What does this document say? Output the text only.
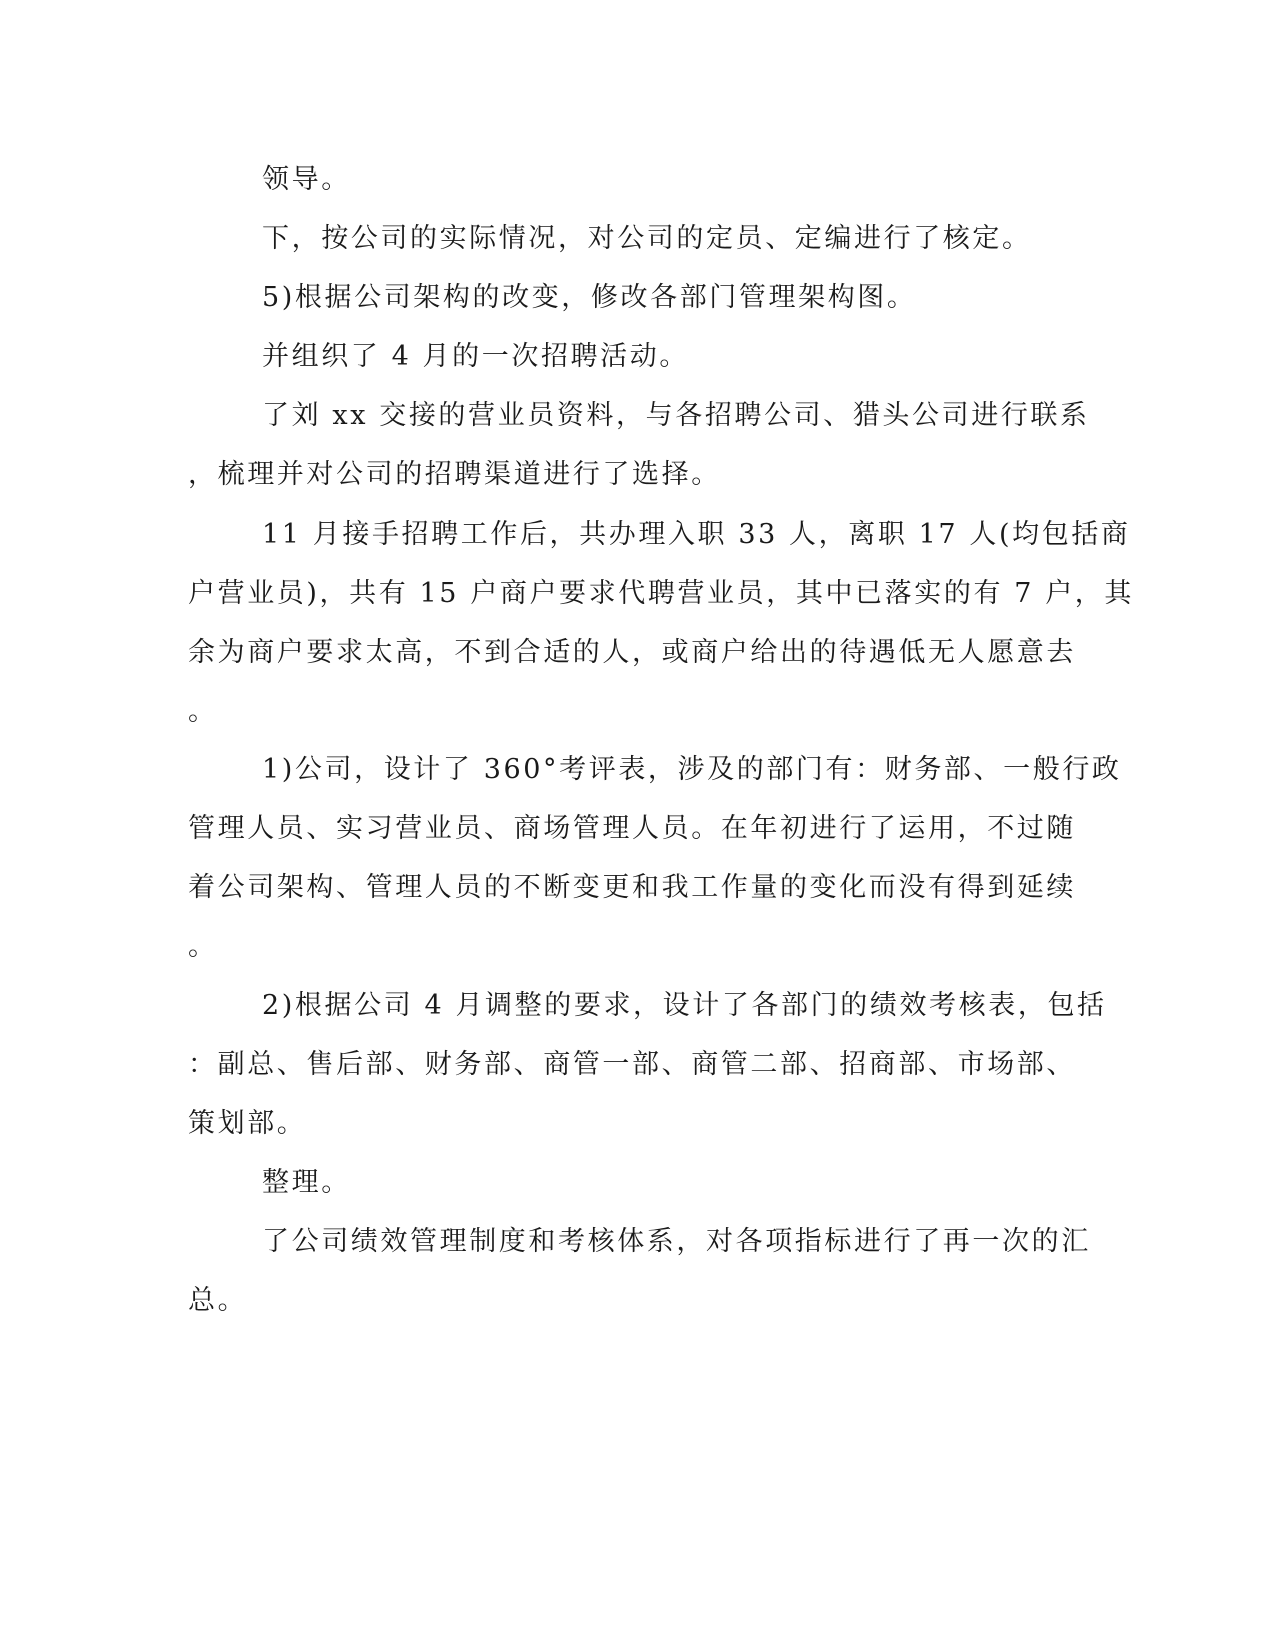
领导。
下，按公司的实际情况，对公司的定员、定编进行了核定。
5)根据公司架构的改变，修改各部门管理架构图。
并组织了 4 月的一次招聘活动。
了刘 xx 交接的营业员资料，与各招聘公司、猎头公司进行联系
，梳理并对公司的招聘渠道进行了选择。
11 月接手招聘工作后，共办理入职 33 人，离职 17 人(均包括商
户营业员)，共有 15 户商户要求代聘营业员，其中已落实的有 7 户，其
余为商户要求太高，不到合适的人，或商户给出的待遇低无人愿意去
。
1)公司，设计了 360°考评表，涉及的部门有：财务部、一般行政
管理人员、实习营业员、商场管理人员。在年初进行了运用，不过随
着公司架构、管理人员的不断变更和我工作量的变化而没有得到延续
。
2)根据公司 4 月调整的要求，设计了各部门的绩效考核表，包括
：副总、售后部、财务部、商管一部、商管二部、招商部、市场部、
策划部。
整理。
了公司绩效管理制度和考核体系，对各项指标进行了再一次的汇
总。
